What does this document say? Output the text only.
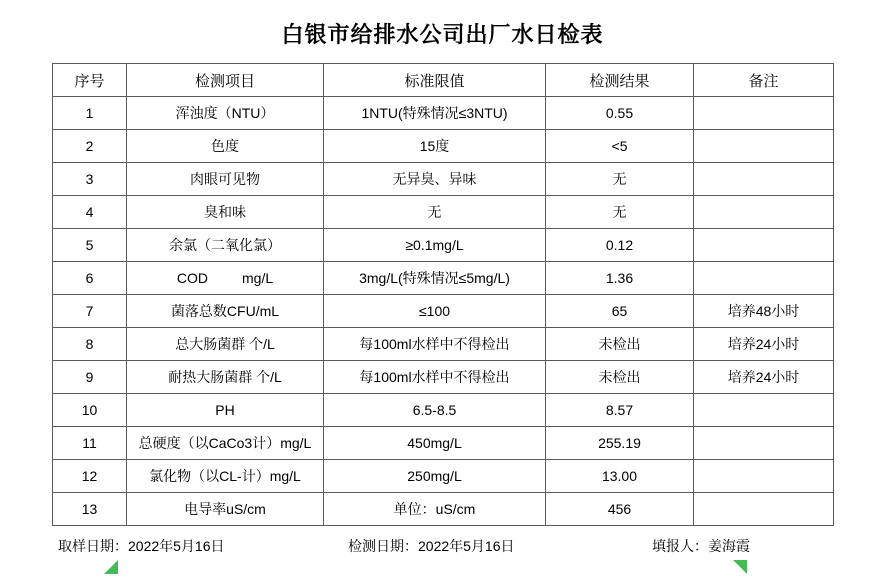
白银市给排水公司出厂水日检表
序号	检测项目	标准限值	检测结果	备注
1	浑浊度（NTU）	1NTU(特殊情况≤3NTU)	0.55	
2	色度	15度	<5	
3	肉眼可见物	无异臭、异味	无	
4	臭和味	无	无	
5	余氯（二氧化氯）	≥0.1mg/L	0.12	
6	COD mg/L	3mg/L(特殊情况≤5mg/L)	1.36	
7	菌落总数CFU/mL	≤100	65	培养48小时
8	总大肠菌群 个/L	每100ml水样中不得检出	未检出	培养24小时
9	耐热大肠菌群 个/L	每100ml水样中不得检出	未检出	培养24小时
10	PH	6.5-8.5	8.57	
11	总硬度（以CaCo3计）mg/L	450mg/L	255.19	
12	氯化物（以CL-计）mg/L	250mg/L	13.00	
13	电导率uS/cm	单位：uS/cm	456	
取样日期：2022年5月16日	检测日期：2022年5月16日	填报人：姜海霞
